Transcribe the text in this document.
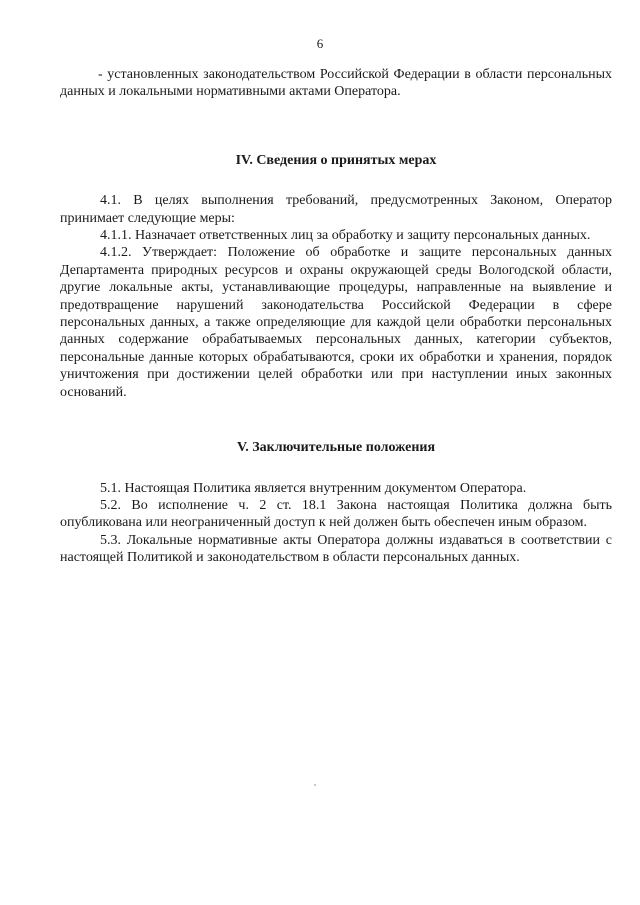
6

- установленных законодательством Российской Федерации в области персональных данных и локальными нормативными актами Оператора.

IV. Сведения о принятых мерах

4.1. В целях выполнения требований, предусмотренных Законом, Оператор принимает следующие меры:

4.1.1. Назначает ответственных лиц за обработку и защиту персональных данных.

4.1.2. Утверждает: Положение об обработке и защите персональных данных Департамента природных ресурсов и охраны окружающей среды Вологодской области, другие локальные акты, устанавливающие процедуры, направленные на выявление и предотвращение нарушений законодательства Российской Федерации в сфере персональных данных, а также определяющие для каждой цели обработки персональных данных содержание обрабатываемых персональных данных, категории субъектов, персональные данные которых обрабатываются, сроки их обработки и хранения, порядок уничтожения при достижении целей обработки или при наступлении иных законных оснований.

V. Заключительные положения

5.1. Настоящая Политика является внутренним документом Оператора.

5.2. Во исполнение ч. 2 ст. 18.1 Закона настоящая Политика должна быть опубликована или неограниченный доступ к ней должен быть обеспечен иным образом.

5.3. Локальные нормативные акты Оператора должны издаваться в соответствии с настоящей Политикой и законодательством в области персональных данных.
